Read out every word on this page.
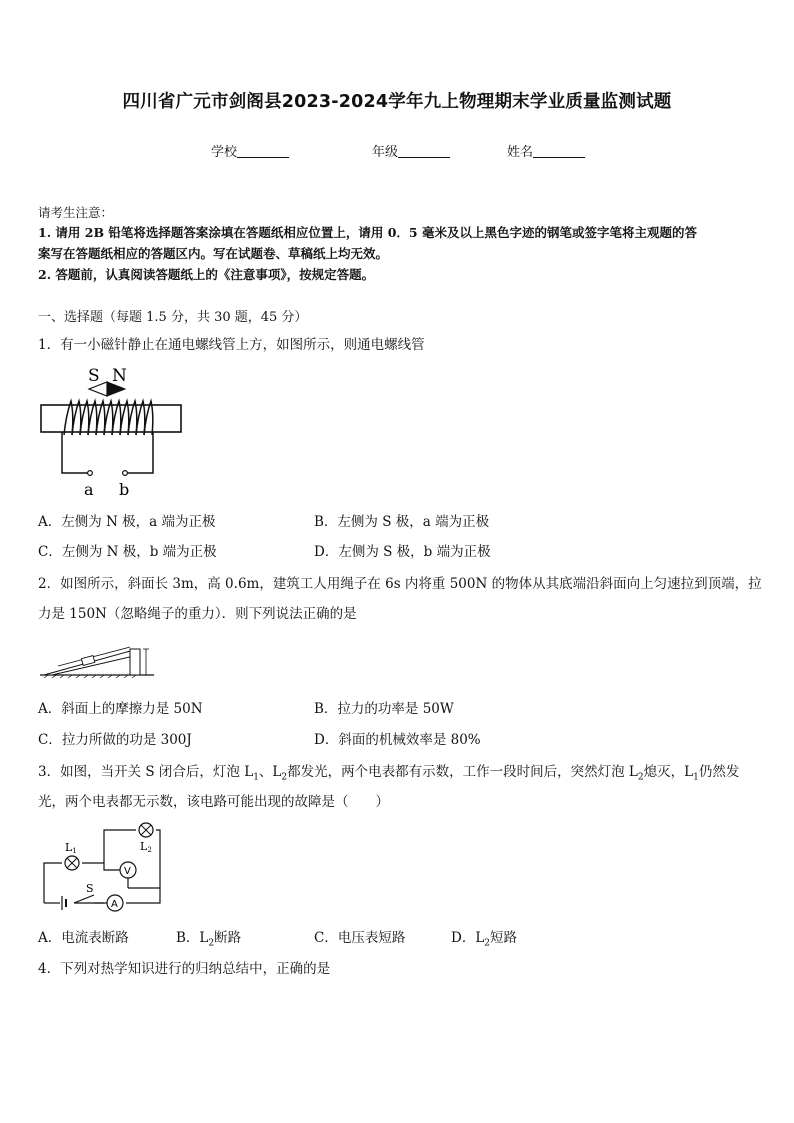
四川省广元市剑阁县2023-2024学年九上物理期末学业质量监测试题
学校	年级	姓名
请考生注意：
1. 请用 2B 铅笔将选择题答案涂填在答题纸相应位置上，请用 0．5 毫米及以上黑色字迹的钢笔或签字笔将主观题的答
案写在答题纸相应的答题区内。写在试题卷、草稿纸上均无效。
2. 答题前，认真阅读答题纸上的《注意事项》，按规定答题。
一、选择题（每题 1.5 分，共 30 题，45 分）
1．有一小磁针静止在通电螺线管上方，如图所示，则通电螺线管
S N
a b
A．左侧为 N 极，a 端为正极	B．左侧为 S 极，a 端为正极
C．左侧为 N 极，b 端为正极	D．左侧为 S 极，b 端为正极
2．如图所示，斜面长 3m，高 0.6m，建筑工人用绳子在 6s 内将重 500N 的物体从其底端沿斜面向上匀速拉到顶端，拉
力是 150N（忽略绳子的重力）．则下列说法正确的是
A．斜面上的摩擦力是 50N	B．拉力的功率是 50W
C．拉力所做的功是 300J	D．斜面的机械效率是 80%
3．如图，当开关 S 闭合后，灯泡 $L_1$、$L_2$都发光，两个电表都有示数，工作一段时间后，突然灯泡 $L_2$熄灭，$L_1$仍然发
光，两个电表都无示数，该电路可能出现的故障是（　　）
L1	L2
V
A
S
A．电流表断路	B．$L_2$断路	C．电压表短路	D．$L_2$短路
4．下列对热学知识进行的归纳总结中，正确的是
